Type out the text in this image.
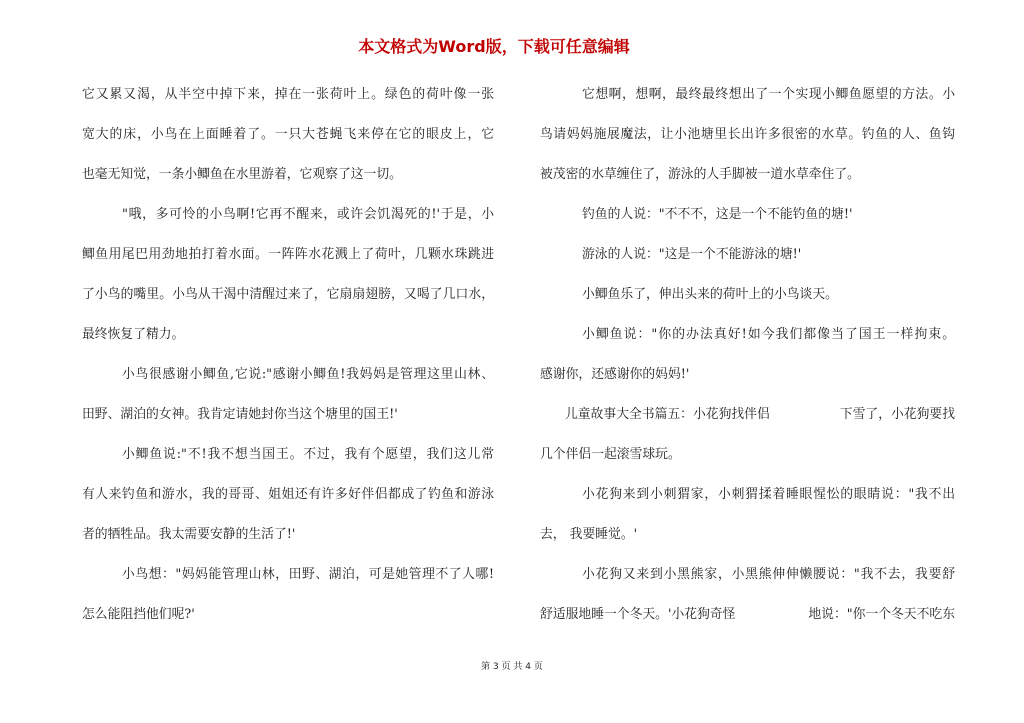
本文格式为Word版，下载可任意编辑
它又累又渴，从半空中掉下来，掉在一张荷叶上。绿色的荷叶像一张
宽大的床，小鸟在上面睡着了。一只大苍蝇飞来停在它的眼皮上，它
也毫无知觉，一条小鲫鱼在水里游着，它观察了这一切。
"哦，多可怜的小鸟啊!它再不醒来，或许会饥渴死的!'于是，小
鲫鱼用尾巴用劲地拍打着水面。一阵阵水花溅上了荷叶，几颗水珠跳进
了小鸟的嘴里。小鸟从干渴中清醒过来了，它扇扇翅膀，又喝了几口水，
最终恢复了精力。
小鸟很感谢小鲫鱼,它说:"感谢小鲫鱼!我妈妈是管理这里山林、
田野、湖泊的女神。我肯定请她封你当这个塘里的国王!'
小鲫鱼说:"不!我不想当国王。不过，我有个愿望，我们这儿常
有人来钓鱼和游水，我的哥哥、姐姐还有许多好伴侣都成了钓鱼和游泳
者的牺牲品。我太需要安静的生活了!'
小鸟想："妈妈能管理山林，田野、湖泊，可是她管理不了人哪!
怎么能阻挡他们呢?'
它想啊，想啊，最终最终想出了一个实现小鲫鱼愿望的方法。小
鸟请妈妈施展魔法，让小池塘里长出许多很密的水草。钓鱼的人、鱼钩
被茂密的水草缠住了，游泳的人手脚被一道水草牵住了。
钓鱼的人说："不不不，这是一个不能钓鱼的塘!'
游泳的人说："这是一个不能游泳的塘!'
小鲫鱼乐了，伸出头来的荷叶上的小鸟谈天。
小鲫鱼说："你的办法真好!如今我们都像当了国王一样拘束。
感谢你，还感谢你的妈妈!'
儿童故事大全书篇五：小花狗找伴侣	下雪了，小花狗要找
几个伴侣一起滚雪球玩。
小花狗来到小刺猬家，小刺猬揉着睡眼惺忪的眼睛说："我不出
去， 我要睡觉。'
小花狗又来到小黑熊家，小黑熊伸伸懒腰说："我不去，我要舒
舒适服地睡一个冬天。'小花狗奇怪	地说："你一个冬天不吃东
第 3 页 共 4 页
